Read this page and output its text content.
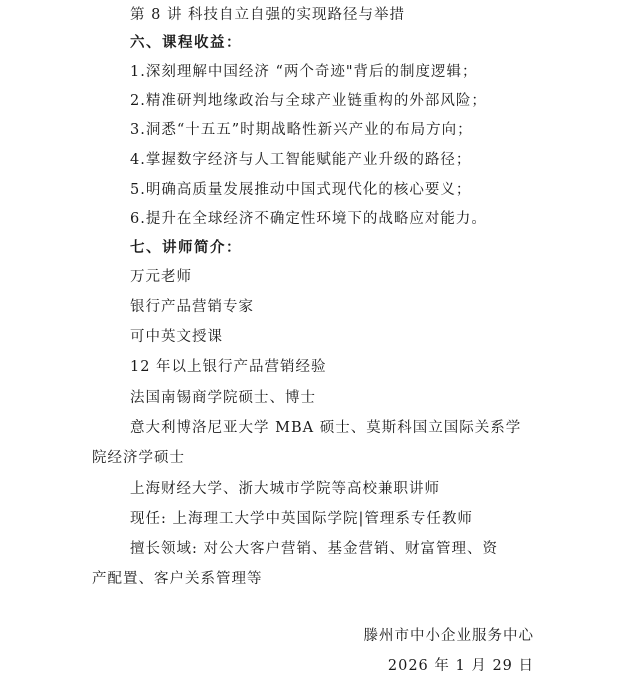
第 8 讲 科技自立自强的实现路径与举措
六、课程收益：
1.深刻理解中国经济 “两个奇迹"背后的制度逻辑；
2.精准研判地缘政治与全球产业链重构的外部风险；
3.洞悉“十五五”时期战略性新兴产业的布局方向；
4.掌握数字经济与人工智能赋能产业升级的路径；
5.明确高质量发展推动中国式现代化的核心要义；
6.提升在全球经济不确定性环境下的战略应对能力。
七、讲师简介：
万元老师
银行产品营销专家
可中英文授课
12 年以上银行产品营销经验
法国南锡商学院硕士、博士
意大利博洛尼亚大学 MBA 硕士、莫斯科国立国际关系学
院经济学硕士
上海财经大学、浙大城市学院等高校兼职讲师
现任: 上海理工大学中英国际学院|管理系专任教师
擅长领域: 对公大客户营销、基金营销、财富管理、资
产配置、客户关系管理等
滕州市中小企业服务中心
2026 年 1 月 29 日
